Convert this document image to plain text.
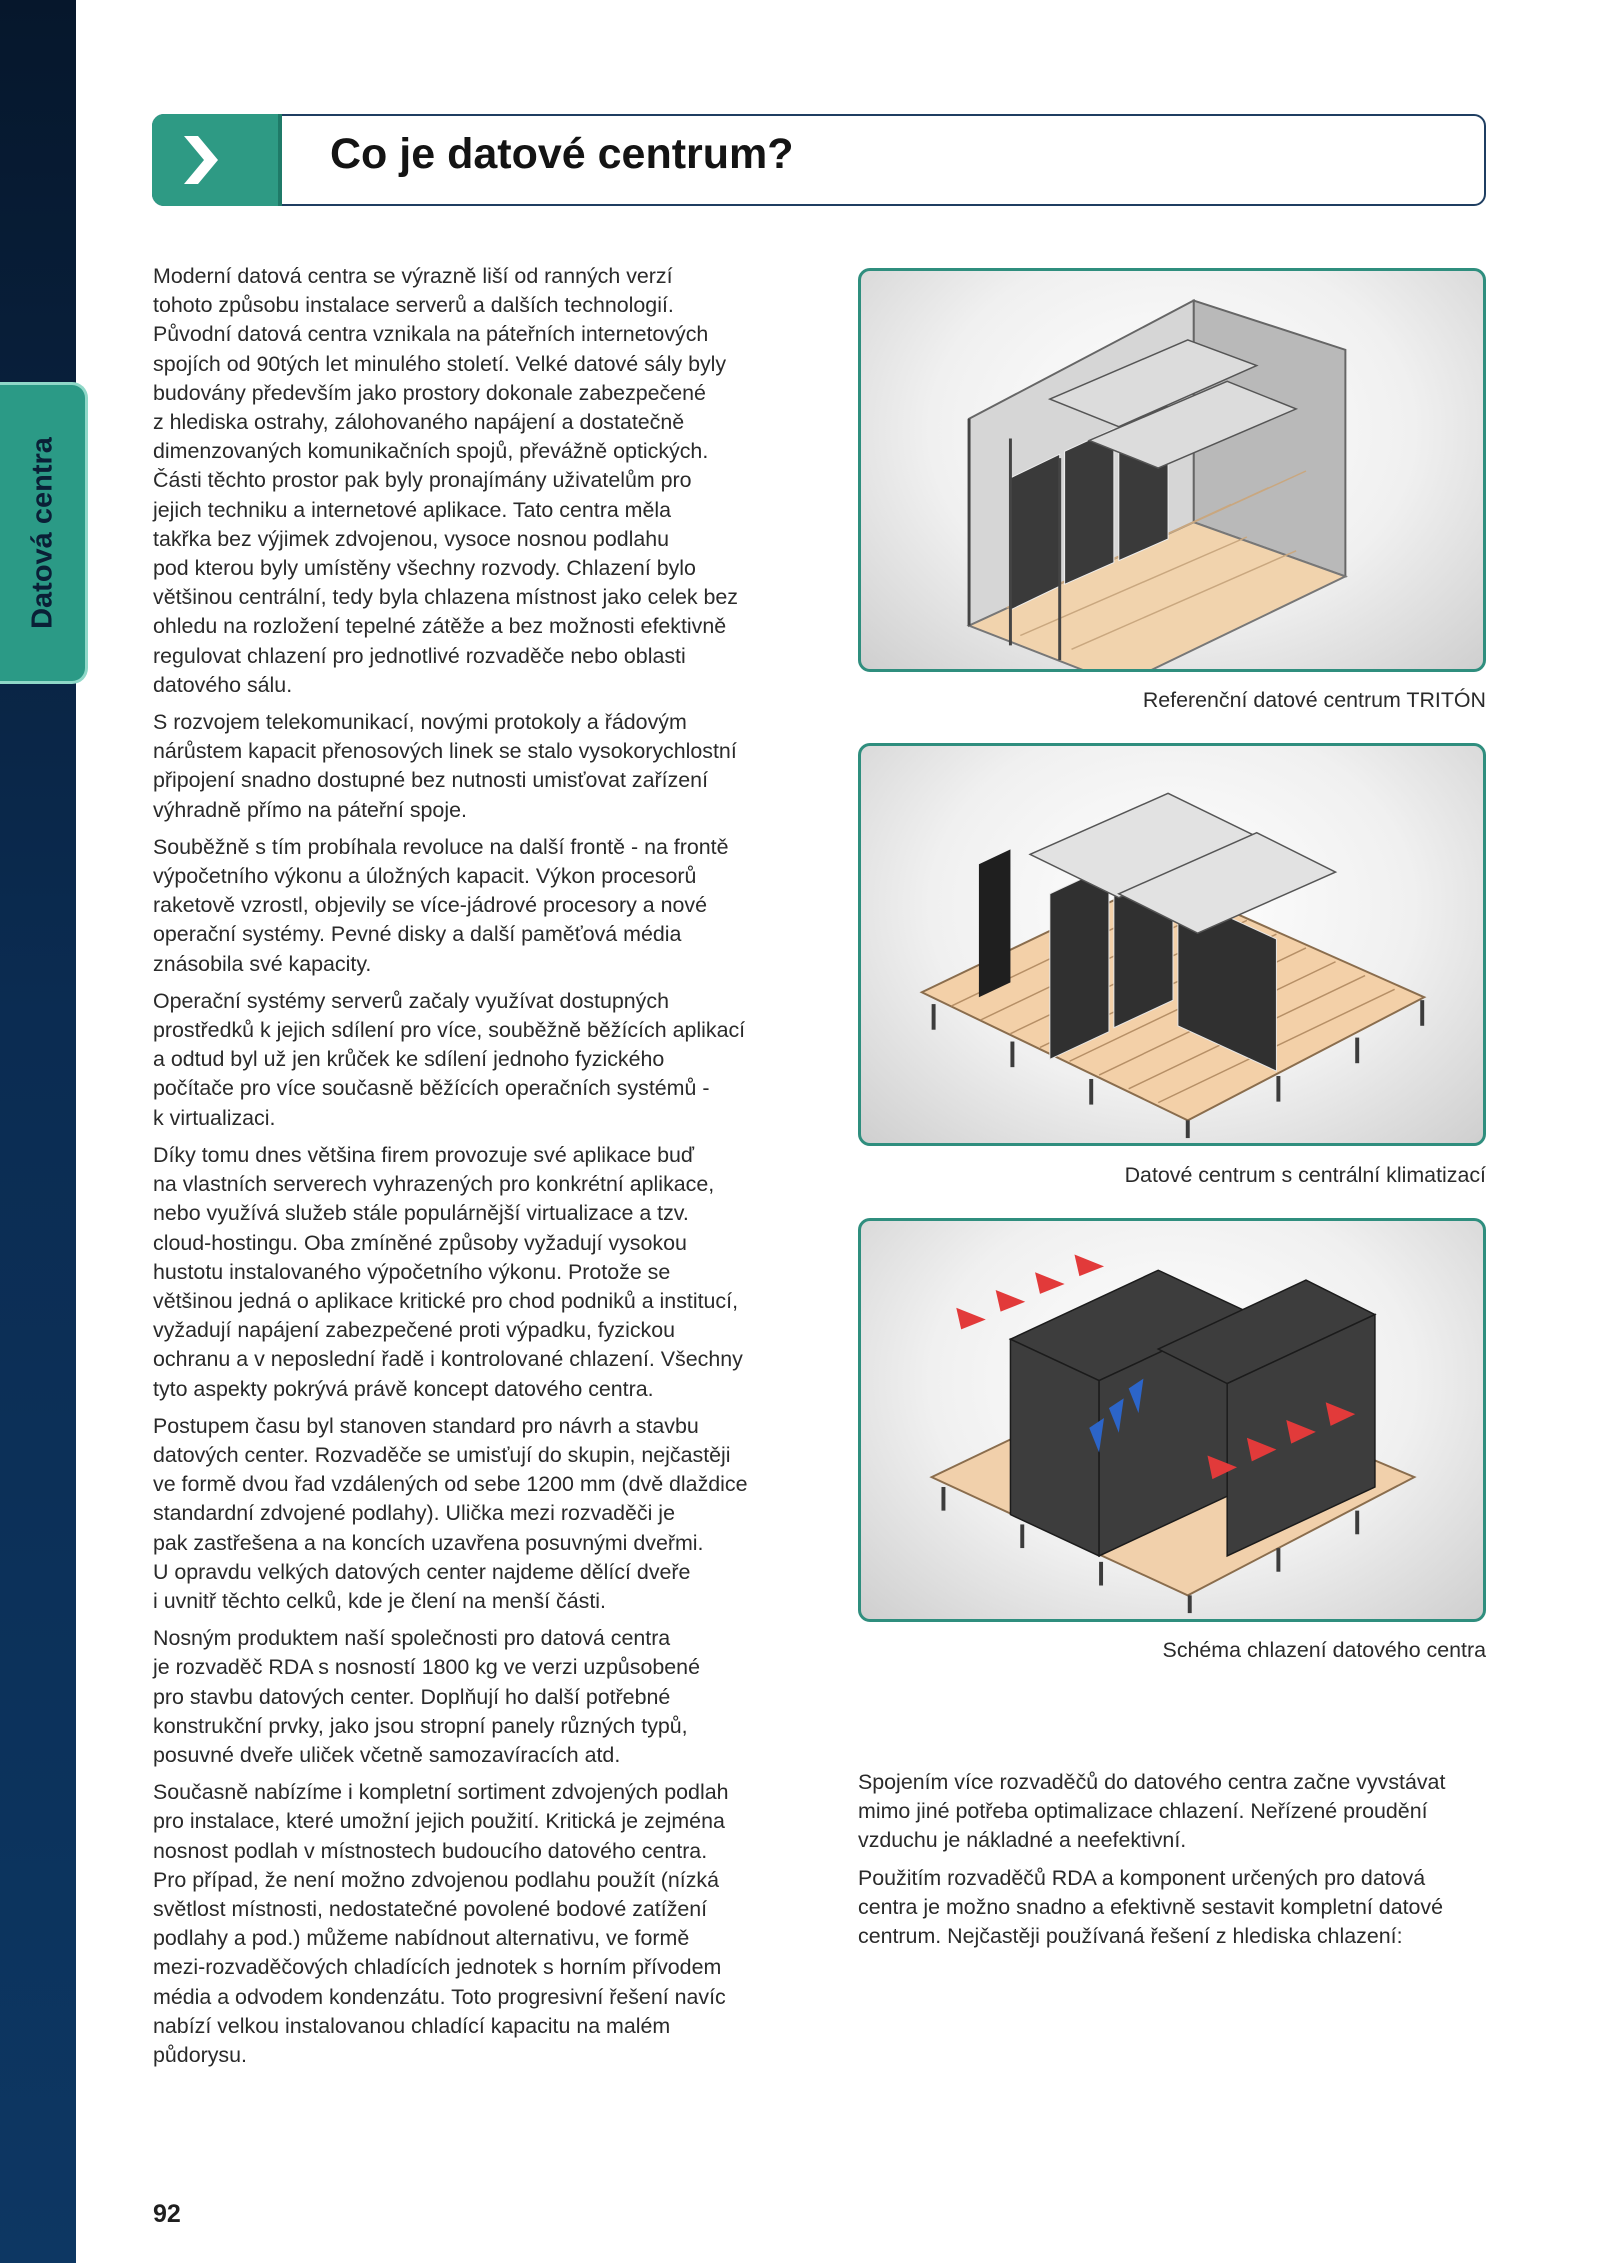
Datová centra
Co je datové centrum?

Moderní datová centra se výrazně liší od ranných verzí
tohoto způsobu instalace serverů a dalších technologií.
Původní datová centra vznikala na páteřních internetových
spojích od 90tých let minulého století. Velké datové sály byly
budovány především jako prostory dokonale zabezpečené
z hlediska ostrahy, zálohovaného napájení a dostatečně
dimenzovaných komunikačních spojů, převážně optických.
Části těchto prostor pak byly pronajímány uživatelům pro
jejich techniku a internetové aplikace. Tato centra měla
takřka bez výjimek zdvojenou, vysoce nosnou podlahu
pod kterou byly umístěny všechny rozvody. Chlazení bylo
většinou centrální, tedy byla chlazena místnost jako celek bez
ohledu na rozložení tepelné zátěže a bez možnosti efektivně
regulovat chlazení pro jednotlivé rozvaděče nebo oblasti
datového sálu.

S rozvojem telekomunikací, novými protokoly a řádovým
nárůstem kapacit přenosových linek se stalo vysokorychlostní
připojení snadno dostupné bez nutnosti umisťovat zařízení
výhradně přímo na páteřní spoje.

Souběžně s tím probíhala revoluce na další frontě - na frontě
výpočetního výkonu a úložných kapacit. Výkon procesorů
raketově vzrostl, objevily se více-jádrové procesory a nové
operační systémy. Pevné disky a další paměťová média
znásobila své kapacity.

Operační systémy serverů začaly využívat dostupných
prostředků k jejich sdílení pro více, souběžně běžících aplikací
a odtud byl už jen krůček ke sdílení jednoho fyzického
počítače pro více současně běžících operačních systémů -
k virtualizaci.

Díky tomu dnes většina firem provozuje své aplikace buď
na vlastních serverech vyhrazených pro konkrétní aplikace,
nebo využívá služeb stále populárnější virtualizace a tzv.
cloud-hostingu. Oba zmíněné způsoby vyžadují vysokou
hustotu instalovaného výpočetního výkonu. Protože se
většinou jedná o aplikace kritické pro chod podniků a institucí,
vyžadují napájení zabezpečené proti výpadku, fyzickou
ochranu a v neposlední řadě i kontrolované chlazení. Všechny
tyto aspekty pokrývá právě koncept datového centra.

Postupem času byl stanoven standard pro návrh a stavbu
datových center. Rozvaděče se umisťují do skupin, nejčastěji
ve formě dvou řad vzdálených od sebe 1200 mm (dvě dlaždice
standardní zdvojené podlahy). Ulička mezi rozvaděči je
pak zastřešena a na koncích uzavřena posuvnými dveřmi.
U opravdu velkých datových center najdeme dělící dveře
i uvnitř těchto celků, kde je člení na menší části.

Nosným produktem naší společnosti pro datová centra
je rozvaděč RDA s nosností 1800 kg ve verzi uzpůsobené
pro stavbu datových center. Doplňují ho další potřebné
konstrukční prvky, jako jsou stropní panely různých typů,
posuvné dveře uliček včetně samozavíracích atd.

Současně nabízíme i kompletní sortiment zdvojených podlah
pro instalace, které umožní jejich použití. Kritická je zejména
nosnost podlah v místnostech budoucího datového centra.
Pro případ, že není možno zdvojenou podlahu použít (nízká
světlost místnosti, nedostatečné povolené bodové zatížení
podlahy a pod.) můžeme nabídnout alternativu, ve formě
mezi-rozvaděčových chladících jednotek s horním přívodem
média a odvodem kondenzátu. Toto progresivní řešení navíc
nabízí velkou instalovanou chladící kapacitu na malém
půdorysu.

Referenční datové centrum TRITÓN
Datové centrum s centrální klimatizací
Schéma chlazení datového centra

Spojením více rozvaděčů do datového centra začne vyvstávat
mimo jiné potřeba optimalizace chlazení. Neřízené proudění
vzduchu je nákladné a neefektivní.

Použitím rozvaděčů RDA a komponent určených pro datová
centra je možno snadno a efektivně sestavit kompletní datové
centrum. Nejčastěji používaná řešení z hlediska chlazení:

92
